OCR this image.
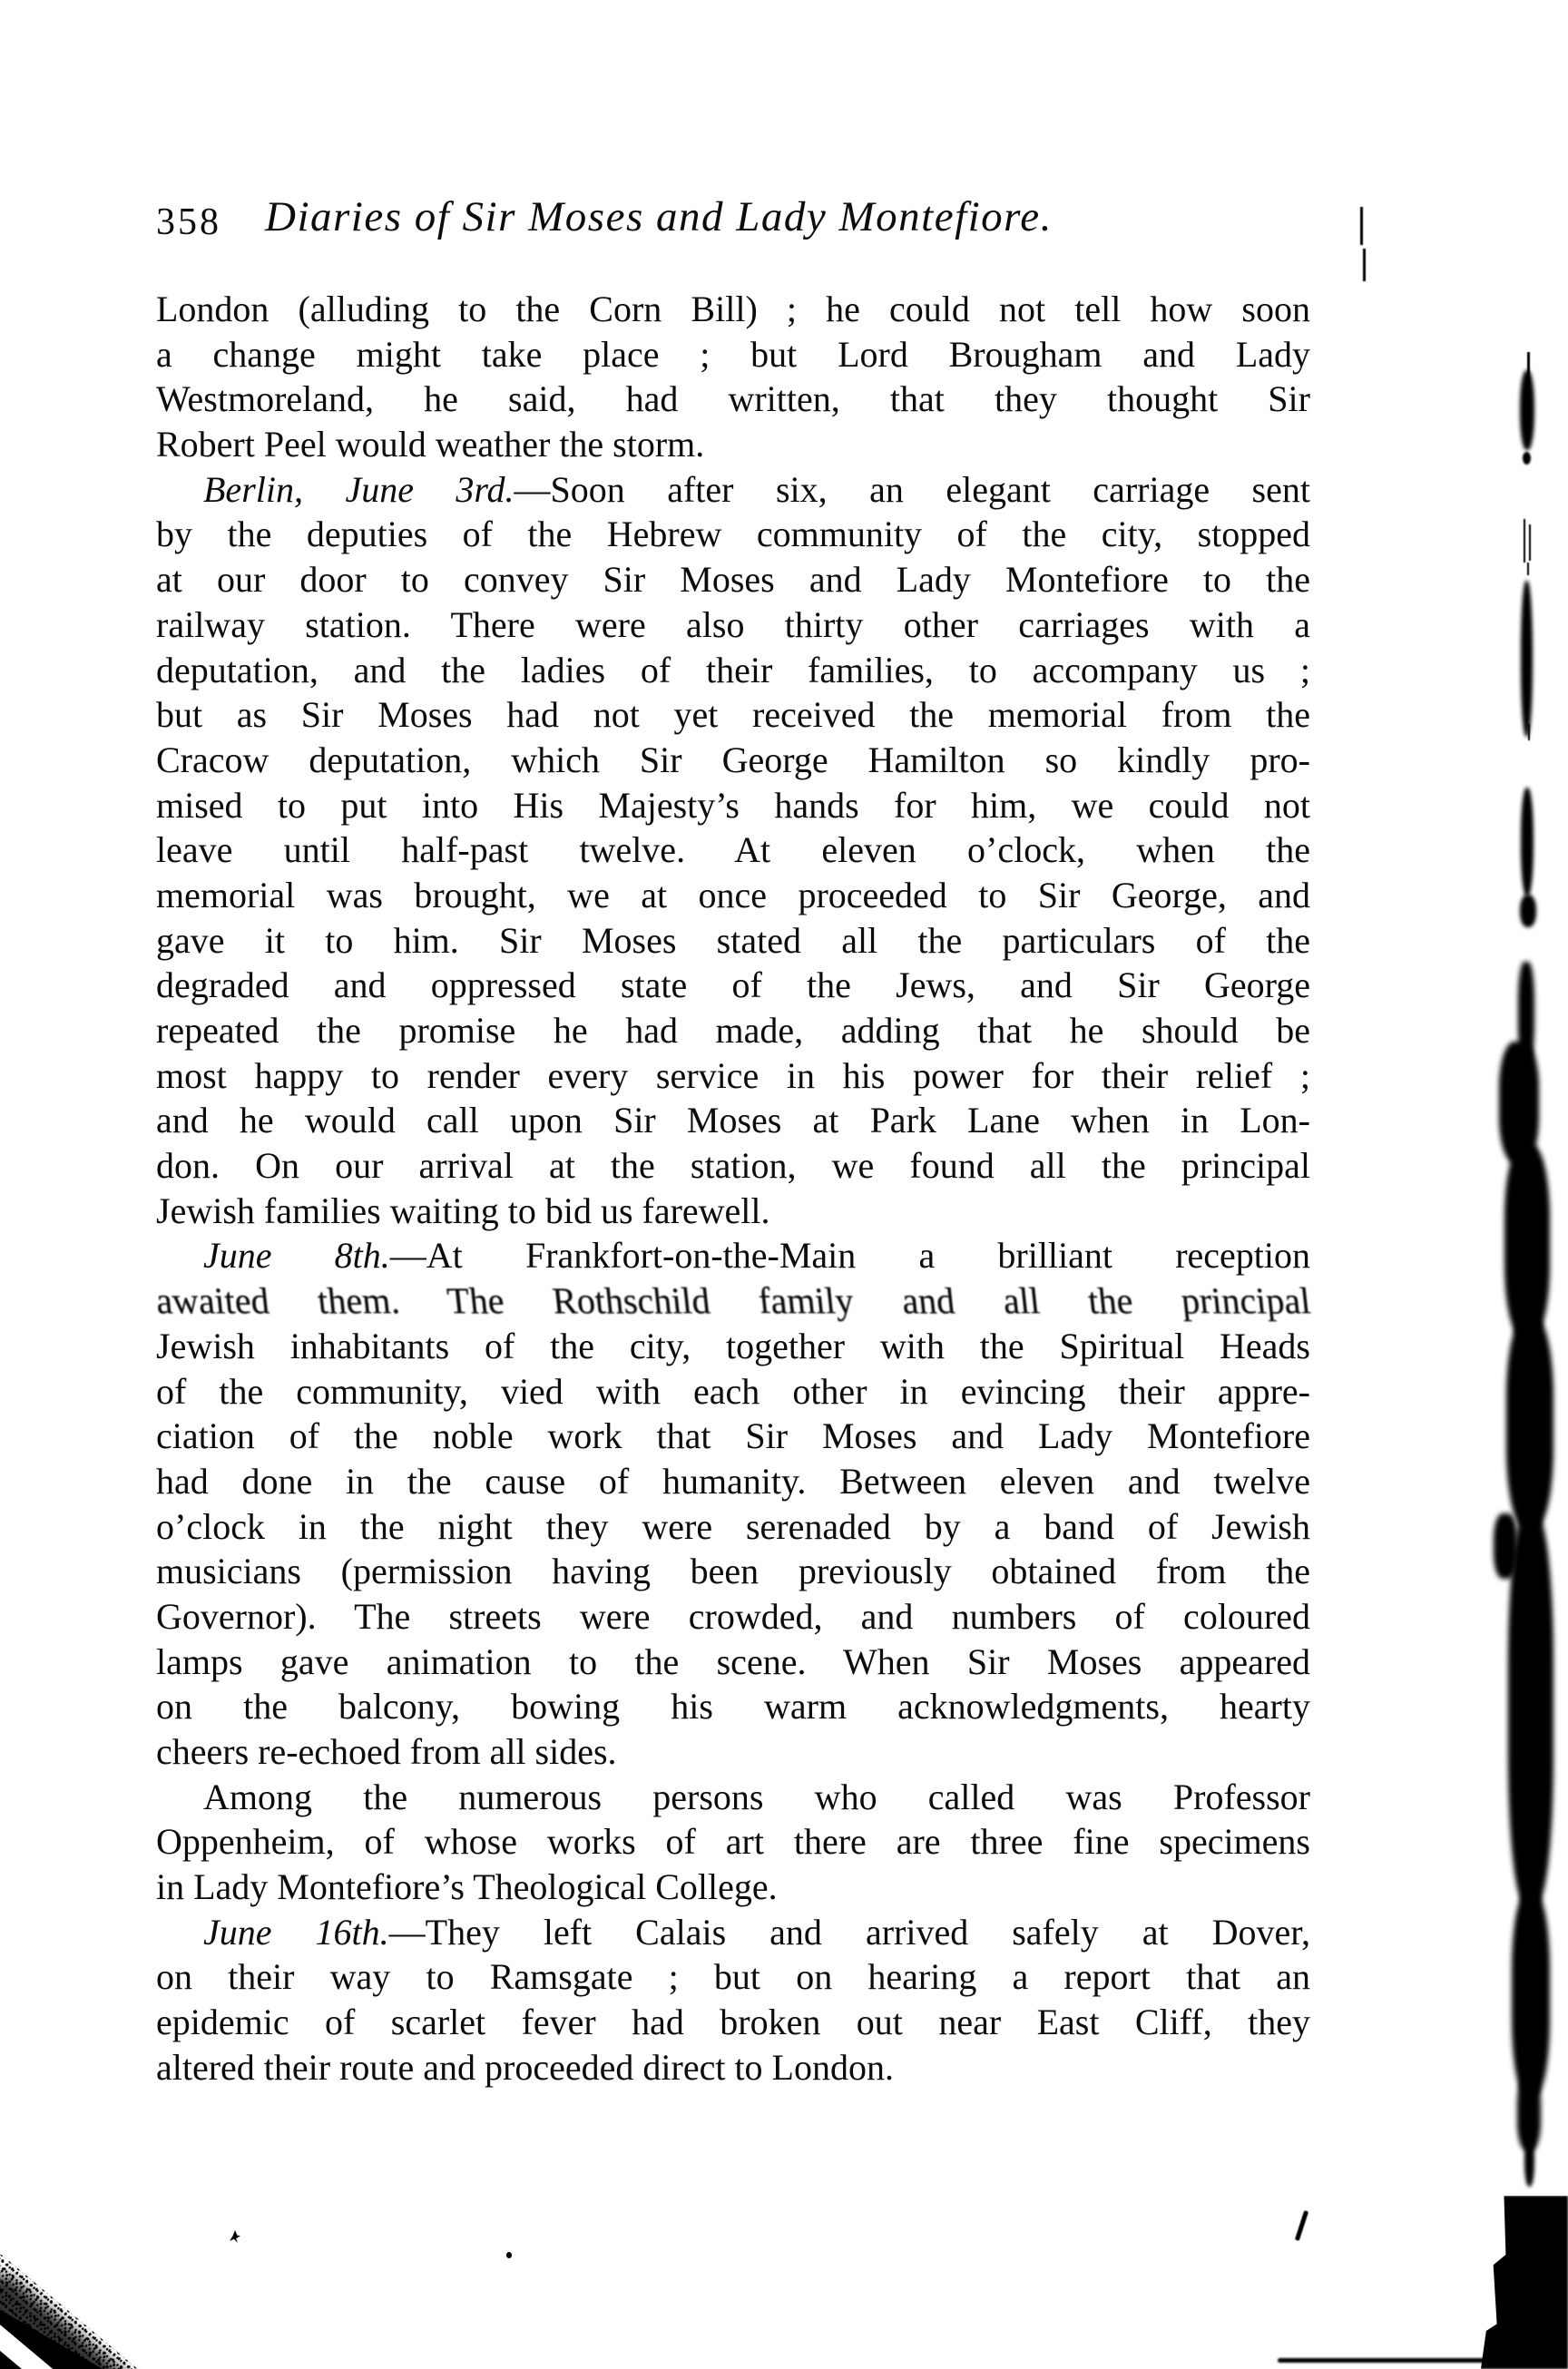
358 Diaries of Sir Moses and Lady Montefiore.
London (alluding to the Corn Bill) ; he could not tell how soon
a change might take place ; but Lord Brougham and Lady
Westmoreland, he said, had written, that they thought Sir
Robert Peel would weather the storm.
Berlin, June 3rd.—Soon after six, an elegant carriage sent
by the deputies of the Hebrew community of the city, stopped
at our door to convey Sir Moses and Lady Montefiore to the
railway station. There were also thirty other carriages with a
deputation, and the ladies of their families, to accompany us ;
but as Sir Moses had not yet received the memorial from the
Cracow deputation, which Sir George Hamilton so kindly pro-
mised to put into His Majesty’s hands for him, we could not
leave until half-past twelve. At eleven o’clock, when the
memorial was brought, we at once proceeded to Sir George, and
gave it to him. Sir Moses stated all the particulars of the
degraded and oppressed state of the Jews, and Sir George
repeated the promise he had made, adding that he should be
most happy to render every service in his power for their relief ;
and he would call upon Sir Moses at Park Lane when in Lon-
don. On our arrival at the station, we found all the principal
Jewish families waiting to bid us farewell.
June 8th.—At Frankfort-on-the-Main a brilliant reception
awaited them. The Rothschild family and all the principal
Jewish inhabitants of the city, together with the Spiritual Heads
of the community, vied with each other in evincing their appre-
ciation of the noble work that Sir Moses and Lady Montefiore
had done in the cause of humanity. Between eleven and twelve
o’clock in the night they were serenaded by a band of Jewish
musicians (permission having been previously obtained from the
Governor). The streets were crowded, and numbers of coloured
lamps gave animation to the scene. When Sir Moses appeared
on the balcony, bowing his warm acknowledgments, hearty
cheers re-echoed from all sides.
Among the numerous persons who called was Professor
Oppenheim, of whose works of art there are three fine specimens
in Lady Montefiore’s Theological College.
June 16th.—They left Calais and arrived safely at Dover,
on their way to Ramsgate ; but on hearing a report that an
epidemic of scarlet fever had broken out near East Cliff, they
altered their route and proceeded direct to London.
